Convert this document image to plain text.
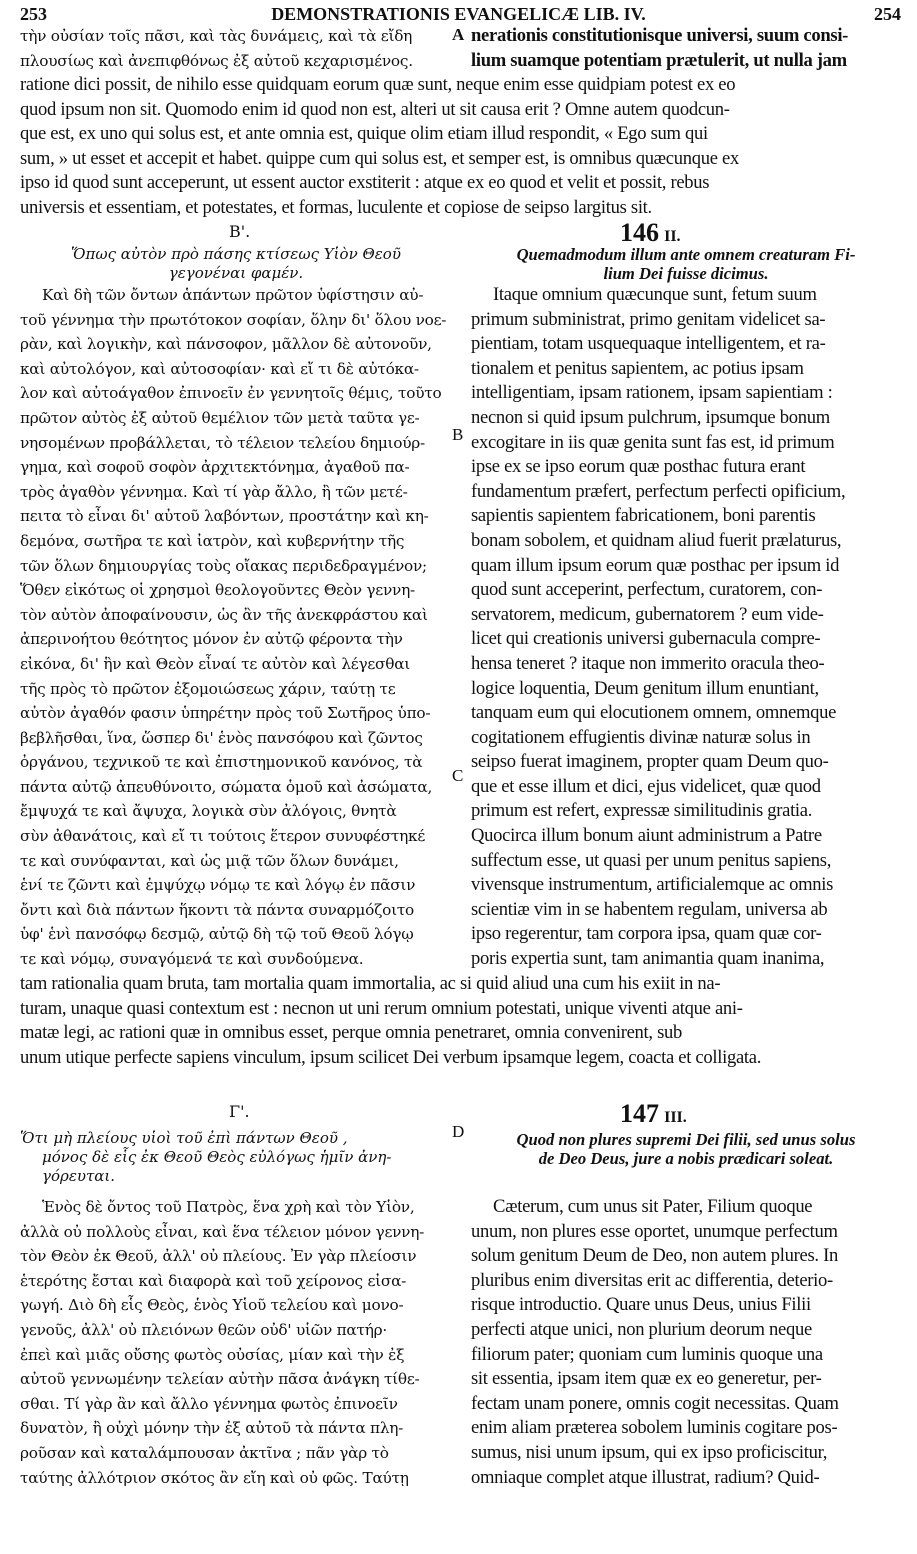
253	DEMONSTRATIONIS EVANGELICÆ LIB. IV.	254
τὴν οὐσίαν τοῖς πᾶσι, καὶ τὰς δυνάμεις, καὶ τὰ εἴδη
πλουσίως καὶ ἀνεπιφθόνως ἐξ αὐτοῦ κεχαρισμένος.
A nerationis constitutionisque universi, suum consi-
lium suamque potentiam prætulerit, ut nulla jam
ratione dici possit, de nihilo esse quidquam eorum quæ sunt, neque enim esse quidpiam potest ex eo
quod ipsum non sit. Quomodo enim id quod non est, alteri ut sit causa erit ? Omne autem quodcun-
que est, ex uno qui solus est, et ante omnia est, quique olim etiam illud respondit, « Ego sum qui
sum, » ut esset et accepit et habet. quippe cum qui solus est, et semper est, is omnibus quæcunque ex
ipso id quod sunt acceperunt, ut essent auctor exstiterit : atque ex eo quod et velit et possit, rebus
universis et essentiam, et potestates, et formas, luculente et copiose de seipso largitus sit.
Β'.	146 II.
Ὅπως αὐτὸν πρὸ πάσης κτίσεως Υἱὸν Θεοῦ
γεγονέναι φαμέν.
Quemadmodum illum ante omnem creaturam Fi-
lium Dei fuisse dicimus.
Καὶ δὴ τῶν ὄντων ἁπάντων πρῶτον ὑφίστησιν αὐ-
τοῦ γέννημα τὴν πρωτότοκον σοφίαν, ὅλην δι' ὅλου νοε-
ρὰν, καὶ λογικὴν, καὶ πάνσοφον, μᾶλλον δὲ αὐτονοῦν,
καὶ αὐτολόγον, καὶ αὐτοσοφίαν· καὶ εἴ τι δὲ αὐτόκα-
λον καὶ αὐτοάγαθον ἐπινοεῖν ἐν γεννητοῖς θέμις, τοῦτο
πρῶτον αὐτὸς ἐξ αὐτοῦ θεμέλιον τῶν μετὰ ταῦτα γε-
νησομένων προβάλλεται, τὸ τέλειον τελείου δημιούρ-
γημα, καὶ σοφοῦ σοφὸν ἀρχιτεκτόνημα, ἀγαθοῦ πα-
τρὸς ἀγαθὸν γέννημα. Καὶ τί γὰρ ἄλλο, ἢ τῶν μετέ-
πειτα τὸ εἶναι δι' αὐτοῦ λαβόντων, προστάτην καὶ κη-
δεμόνα, σωτῆρα τε καὶ ἰατρὸν, καὶ κυβερνήτην τῆς
τῶν ὅλων δημιουργίας τοὺς οἴακας περιδεδραγμένον;
Ὅθεν εἰκότως οἱ χρησμοὶ θεολογοῦντες Θεὸν γεννη-
τὸν αὐτὸν ἀποφαίνουσιν, ὡς ἂν τῆς ἀνεκφράστου καὶ
ἀπερινοήτου θεότητος μόνον ἐν αὐτῷ φέροντα τὴν
εἰκόνα, δι' ἣν καὶ Θεὸν εἶναί τε αὐτὸν καὶ λέγεσθαι
τῆς πρὸς τὸ πρῶτον ἐξομοιώσεως χάριν, ταύτῃ τε
αὐτὸν ἀγαθόν φασιν ὑπηρέτην πρὸς τοῦ Σωτῆρος ὑπο-
βεβλῆσθαι, ἵνα, ὥσπερ δι' ἑνὸς πανσόφου καὶ ζῶντος
ὀργάνου, τεχνικοῦ τε καὶ ἐπιστημονικοῦ κανόνος, τὰ
πάντα αὐτῷ ἀπευθύνοιτο, σώματα ὁμοῦ καὶ ἀσώματα,
ἔμψυχά τε καὶ ἄψυχα, λογικὰ σὺν ἀλόγοις, θνητὰ
σὺν ἀθανάτοις, καὶ εἴ τι τούτοις ἕτερον συνυφέστηκέ
τε καὶ συνύφανται, καὶ ὡς μιᾷ τῶν ὅλων δυνάμει,
ἑνί τε ζῶντι καὶ ἐμψύχῳ νόμῳ τε καὶ λόγῳ ἐν πᾶσιν
ὄντι καὶ διὰ πάντων ἥκοντι τὰ πάντα συναρμόζοιτο
ὑφ' ἑνὶ πανσόφῳ δεσμῷ, αὐτῷ δὴ τῷ τοῦ Θεοῦ λόγῳ
τε καὶ νόμῳ, συναγόμενά τε καὶ συνδούμενα.
B
C
Itaque omnium quæcunque sunt, fetum suum
primum subministrat, primo genitam videlicet sa-
pientiam, totam usquequaque intelligentem, et ra-
tionalem et penitus sapientem, ac potius ipsam
intelligentiam, ipsam rationem, ipsam sapientiam :
necnon si quid ipsum pulchrum, ipsumque bonum
excogitare in iis quæ genita sunt fas est, id primum
ipse ex se ipso eorum quæ posthac futura erant
fundamentum præfert, perfectum perfecti opificium,
sapientis sapientem fabricationem, boni parentis
bonam sobolem, et quidnam aliud fuerit prælaturus,
quam illum ipsum eorum quæ posthac per ipsum id
quod sunt acceperint, perfectum, curatorem, con-
servatorem, medicum, gubernatorem ? eum vide-
licet qui creationis universi gubernacula compre-
hensa teneret ? itaque non immerito oracula theo-
logice loquentia, Deum genitum illum enuntiant,
tanquam eum qui elocutionem omnem, omnemque
cogitationem effugientis divinæ naturæ solus in
seipso fuerat imaginem, propter quam Deum quo-
que et esse illum et dici, ejus videlicet, quæ quod
primum est refert, expressæ similitudinis gratia.
Quocirca illum bonum aiunt administrum a Patre
suffectum esse, ut quasi per unum penitus sapiens,
vivensque instrumentum, artificialemque ac omnis
scientiæ vim in se habentem regulam, universa ab
ipso regerentur, tam corpora ipsa, quam quæ cor-
poris expertia sunt, tam animantia quam inanima,
tam rationalia quam bruta, tam mortalia quam immortalia, ac si quid aliud una cum his exiit in na-
turam, unaque quasi contextum est : necnon ut uni rerum omnium potestati, unique viventi atque ani-
matæ legi, ac rationi quæ in omnibus esset, perque omnia penetraret, omnia convenirent, sub
unum utique perfecte sapiens vinculum, ipsum scilicet Dei verbum ipsamque legem, coacta et colligata.
Γ'.
D
147 III.
Ὅτι μὴ πλείους υἱοὶ τοῦ ἐπὶ πάντων Θεοῦ ,
μόνος δὲ εἷς ἐκ Θεοῦ Θεὸς εὐλόγως ἡμῖν ἀνη-
γόρευται.
Quod non plures supremi Dei filii, sed unus solus
de Deo Deus, jure a nobis prædicari soleat.
Ἑνὸς δὲ ὄντος τοῦ Πατρὸς, ἕνα χρὴ καὶ τὸν Υἱὸν,
ἀλλὰ οὐ πολλοὺς εἶναι, καὶ ἕνα τέλειον μόνον γεννη-
τὸν Θεὸν ἐκ Θεοῦ, ἀλλ' οὐ πλείους. Ἐν γὰρ πλείοσιν
ἑτερότης ἔσται καὶ διαφορὰ καὶ τοῦ χείρονος εἰσα-
γωγή. Διὸ δὴ εἷς Θεὸς, ἑνὸς Υἱοῦ τελείου καὶ μονο-
γενοῦς, ἀλλ' οὐ πλειόνων θεῶν οὐδ' υἱῶν πατήρ·
ἐπεὶ καὶ μιᾶς οὔσης φωτὸς οὐσίας, μίαν καὶ τὴν ἐξ
αὐτοῦ γεννωμένην τελείαν αὐτὴν πᾶσα ἀνάγκη τίθε-
σθαι. Τί γὰρ ἂν καὶ ἄλλο γέννημα φωτὸς ἐπινοεῖν
δυνατὸν, ἢ οὐχὶ μόνην τὴν ἐξ αὐτοῦ τὰ πάντα πλη-
ροῦσαν καὶ καταλάμπουσαν ἀκτῖνα ; πᾶν γὰρ τὸ
ταύτης ἀλλότριον σκότος ἂν εἴη καὶ οὐ φῶς. Ταύτῃ
Cæterum, cum unus sit Pater, Filium quoque
unum, non plures esse oportet, unumque perfectum
solum genitum Deum de Deo, non autem plures. In
pluribus enim diversitas erit ac differentia, deterio-
risque introductio. Quare unus Deus, unius Filii
perfecti atque unici, non plurium deorum neque
filiorum pater; quoniam cum luminis quoque una
sit essentia, ipsam item quæ ex eo generetur, per-
fectam unam ponere, omnis cogit necessitas. Quam
enim aliam præterea sobolem luminis cogitare pos-
sumus, nisi unum ipsum, qui ex ipso proficiscitur,
omniaque complet atque illustrat, radium? Quid-
